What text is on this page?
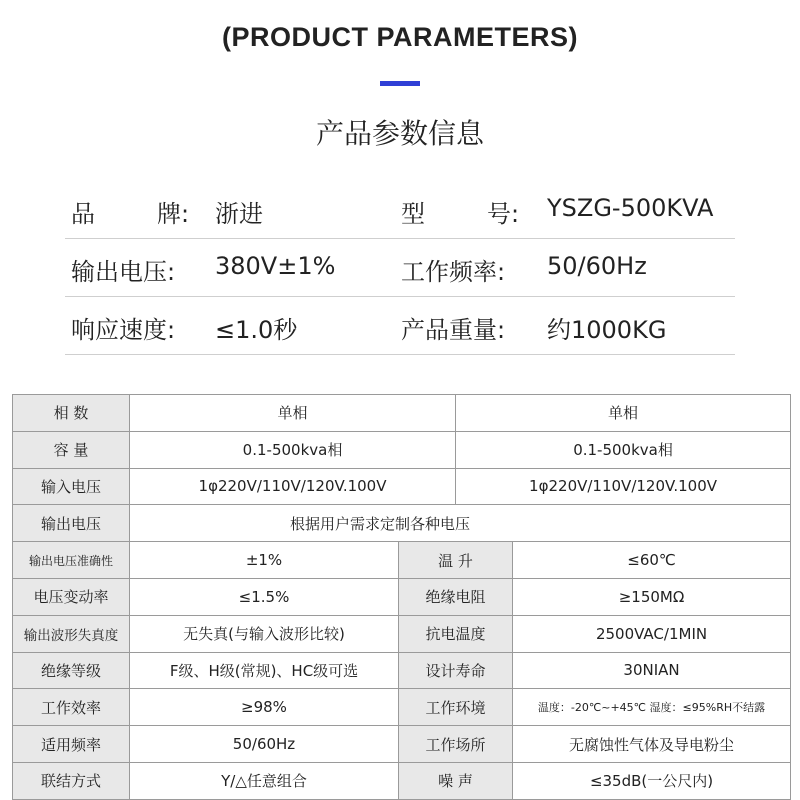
(PRODUCT PARAMETERS)
产品参数信息
品	牌 : 浙进	型	号 : YSZG-500KVA
输出电压: 380V±1%	工作频率: 50/60Hz
响应速度: ≤1.0秒	产品重量: 约1000KG
相 数	单相		单相	
容 量	0.1-500kva相		0.1-500kva相	
输入电压	1φ220V/110V/120V.100V		1φ220V/110V/120V.100V	
输出电压	根据用户需求定制各种电压			
输出电压准确性	±1%	温 升		≤60℃
电压变动率	≤1.5%	绝缘电阻		≥150MΩ
输出波形失真度	无失真(与输入波形比较)	抗电温度		2500VAC/1MIN
绝缘等级	F级、H级(常规)、HC级可选	设计寿命		30NIAN
工作效率	≥98%	工作环境		温度：-20℃~+45℃ 湿度：≤95%RH不结露
适用频率	50/60Hz	工作场所		无腐蚀性气体及导电粉尘
联结方式	Y/△任意组合	噪 声		≤35dB(一公尺内)
